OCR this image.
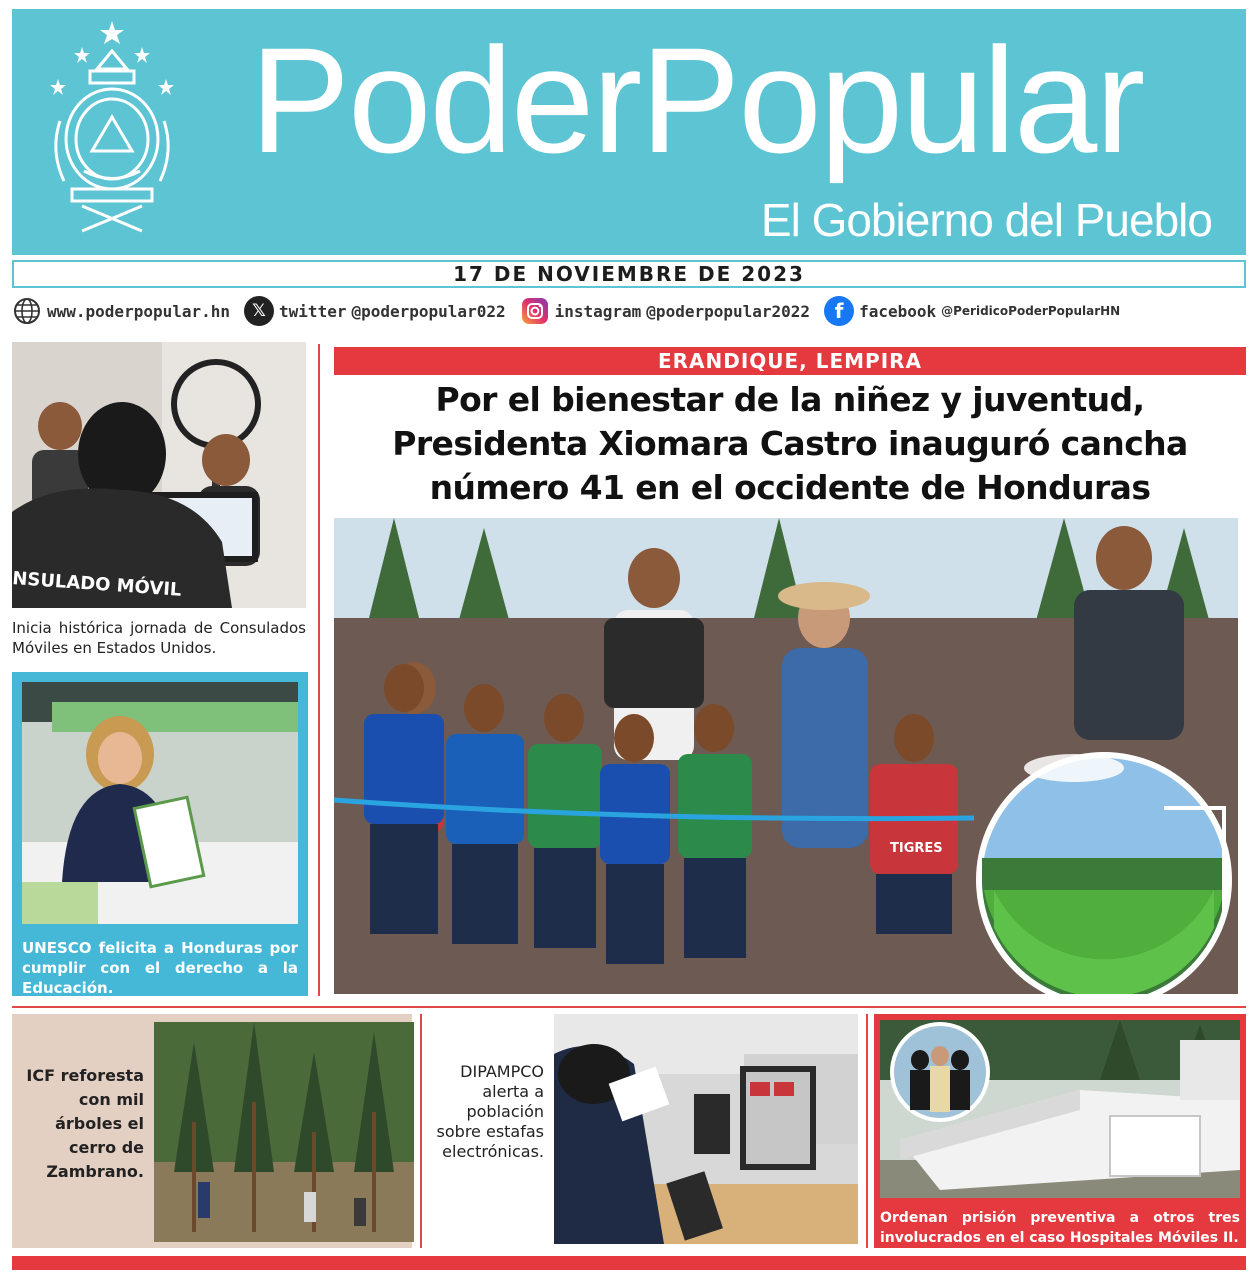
PoderPopular
El Gobierno del Pueblo
17 DE NOVIEMBRE DE 2023
www.poderpopular.hn	𝕏 twitter @poderpopular022	instagram @poderpopular2022	f facebook @PeridicoPoderPopularHN
NSULADO MÓVIL

Inicia histórica jornada de Consulados Móviles en Estados Unidos.

UNESCO felicita a Honduras por cumplir con el derecho a la Educación.

ERANDIQUE, LEMPIRA
Por el bienestar de la niñez y juventud,
Presidenta Xiomara Castro inauguró cancha
número 41 en el occidente de Honduras
TIGRES

ICF reforesta con mil árboles el cerro de Zambrano.

DIPAMPCO alerta a población sobre estafas electrónicas.

Ordenan prisión preventiva a otros tres involucrados en el caso Hospitales Móviles II.
